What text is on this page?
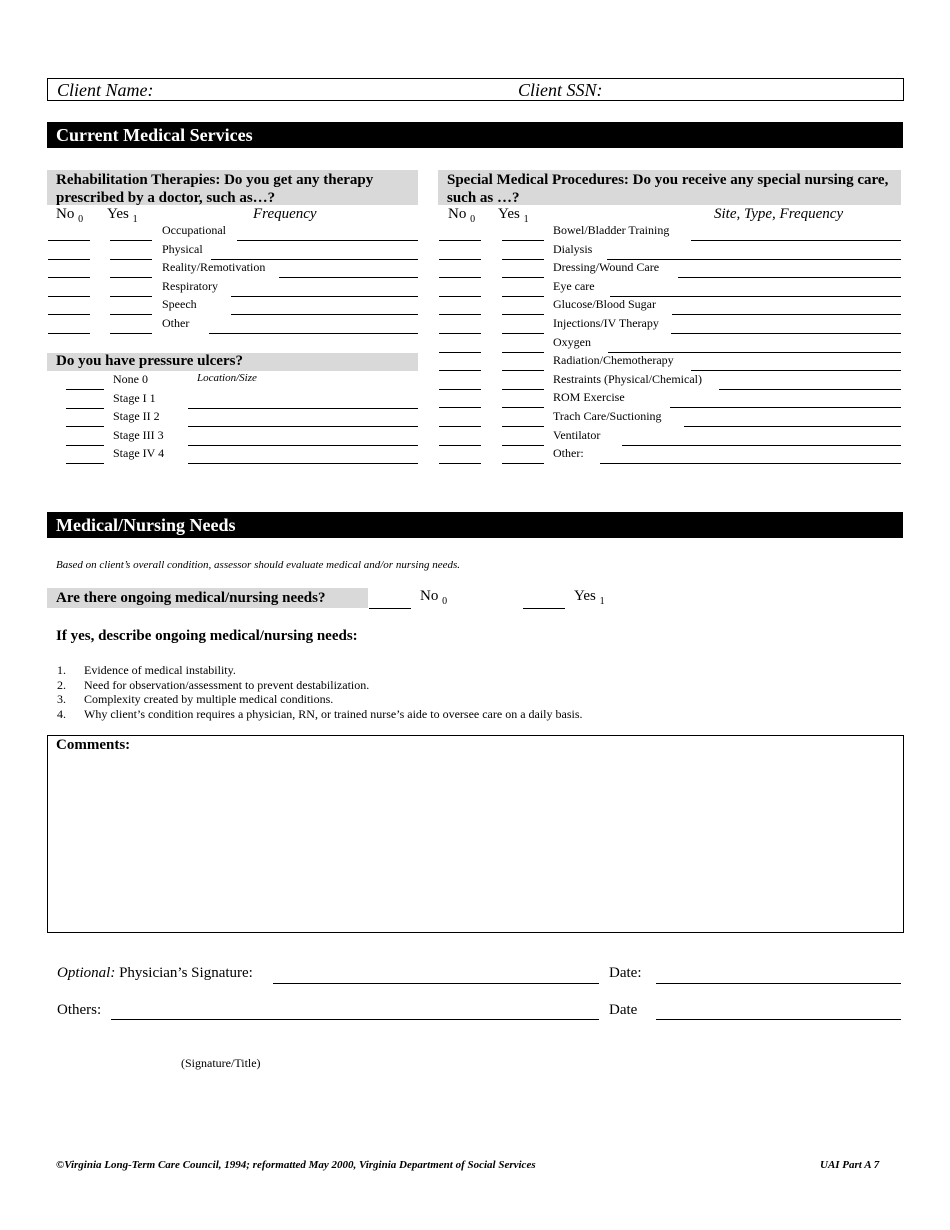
Client Name:	Client SSN:
Current Medical Services
Rehabilitation Therapies: Do you get any therapy prescribed by a doctor, such as…?
No $_0$ Yes $_1$	Frequency
Occupational
Physical
Reality/Remotivation
Respiratory
Speech
Other
Do you have pressure ulcers?
Location/Size
None 0
Stage I 1
Stage II 2
Stage III 3
Stage IV 4
Special Medical Procedures: Do you receive any special nursing care, such as …?
No $_0$ Yes $_1$	Site, Type, Frequency
Bowel/Bladder Training
Dialysis
Dressing/Wound Care
Eye care
Glucose/Blood Sugar
Injections/IV Therapy
Oxygen
Radiation/Chemotherapy
Restraints (Physical/Chemical)
ROM Exercise
Trach Care/Suctioning
Ventilator
Other:
Medical/Nursing Needs
Based on client’s overall condition, assessor should evaluate medical and/or nursing needs.
Are there ongoing medical/nursing needs?	No $_0$	Yes $_1$
If yes, describe ongoing medical/nursing needs:
1. Evidence of medical instability.
2. Need for observation/assessment to prevent destabilization.
3. Complexity created by multiple medical conditions.
4. Why client’s condition requires a physician, RN, or trained nurse’s aide to oversee care on a daily basis.
Comments:
Optional: Physician’s Signature:	Date:
Others:	Date
(Signature/Title)
©Virginia Long-Term Care Council, 1994; reformatted May 2000, Virginia Department of Social Services	UAI Part A 7
